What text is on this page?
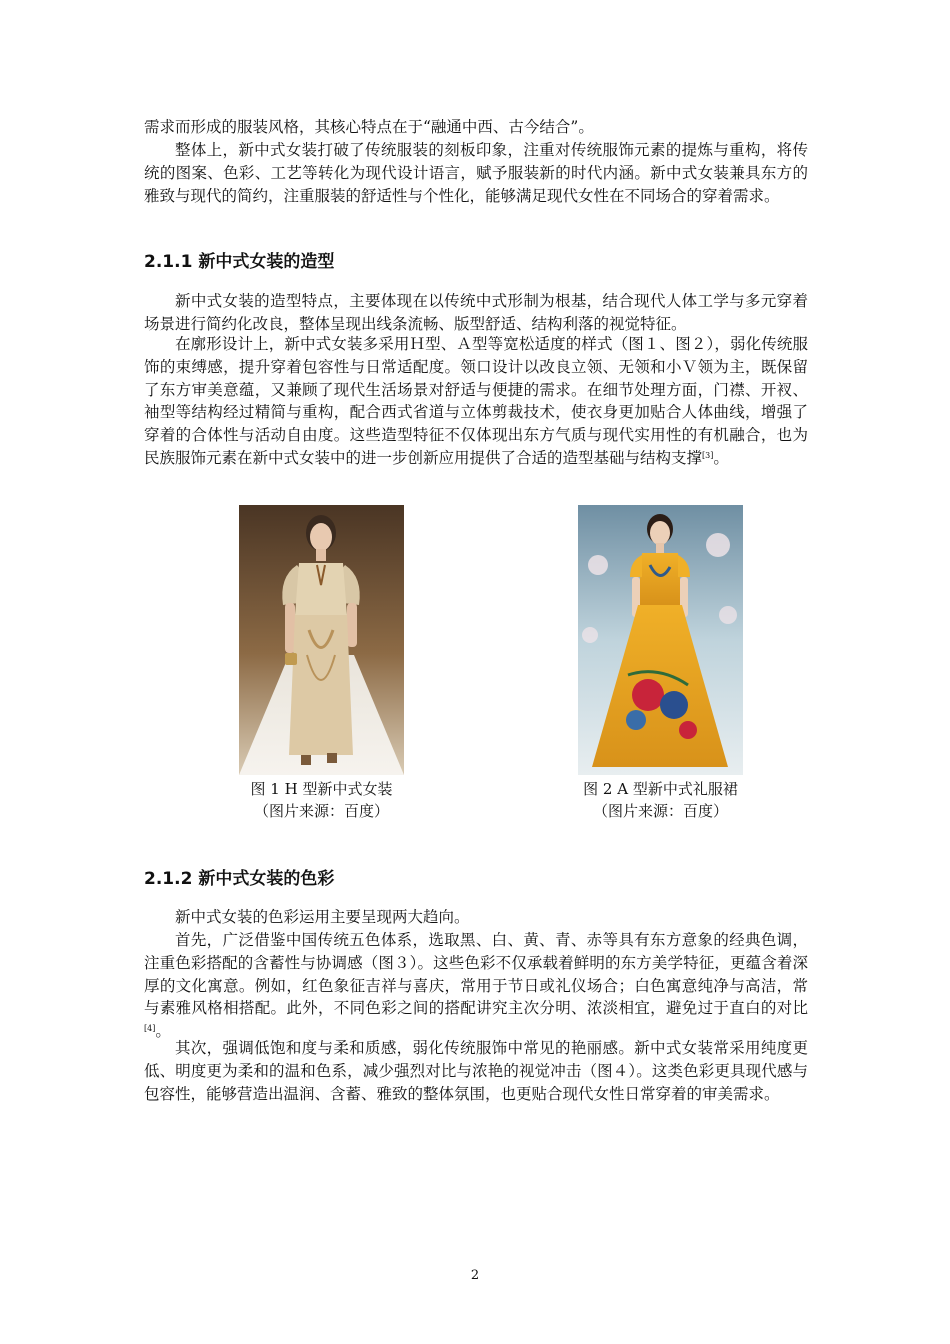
需求而形成的服装风格，其核心特点在于“融通中西、古今结合”。

整体上，新中式女装打破了传统服装的刻板印象，注重对传统服饰元素的提炼与重构，将传统的图案、色彩、工艺等转化为现代设计语言，赋予服装新的时代内涵。新中式女装兼具东方的雅致与现代的简约，注重服装的舒适性与个性化，能够满足现代女性在不同场合的穿着需求。

2.1.1 新中式女装的造型

新中式女装的造型特点，主要体现在以传统中式形制为根基，结合现代人体工学与多元穿着场景进行简约化改良，整体呈现出线条流畅、版型舒适、结构利落的视觉特征。

在廓形设计上，新中式女装多采用Ｈ型、Ａ型等宽松适度的样式（图１、图２），弱化传统服饰的束缚感，提升穿着包容性与日常适配度。领口设计以改良立领、无领和小Ｖ领为主，既保留了东方审美意蕴，又兼顾了现代生活场景对舒适与便捷的需求。在细节处理方面，门襟、开衩、袖型等结构经过精简与重构，配合西式省道与立体剪裁技术，使衣身更加贴合人体曲线，增强了穿着的合体性与活动自由度。这些造型特征不仅体现出东方气质与现代实用性的有机融合，也为民族服饰元素在新中式女装中的进一步创新应用提供了合适的造型基础与结构支撑[3]。

图 1 H 型新中式女装

（图片来源：百度）

图 2 A 型新中式礼服裙

（图片来源：百度）

2.1.2 新中式女装的色彩

新中式女装的色彩运用主要呈现两大趋向。

首先，广泛借鉴中国传统五色体系，选取黑、白、黄、青、赤等具有东方意象的经典色调，注重色彩搭配的含蓄性与协调感（图３）。这些色彩不仅承载着鲜明的东方美学特征，更蕴含着深厚的文化寓意。例如，红色象征吉祥与喜庆，常用于节日或礼仪场合；白色寓意纯净与高洁，常与素雅风格相搭配。此外，不同色彩之间的搭配讲究主次分明、浓淡相宜，避免过于直白的对比[4]。

其次，强调低饱和度与柔和质感，弱化传统服饰中常见的艳丽感。新中式女装常采用纯度更低、明度更为柔和的温和色系，减少强烈对比与浓艳的视觉冲击（图４）。这类色彩更具现代感与包容性，能够营造出温润、含蓄、雅致的整体氛围，也更贴合现代女性日常穿着的审美需求。

2
